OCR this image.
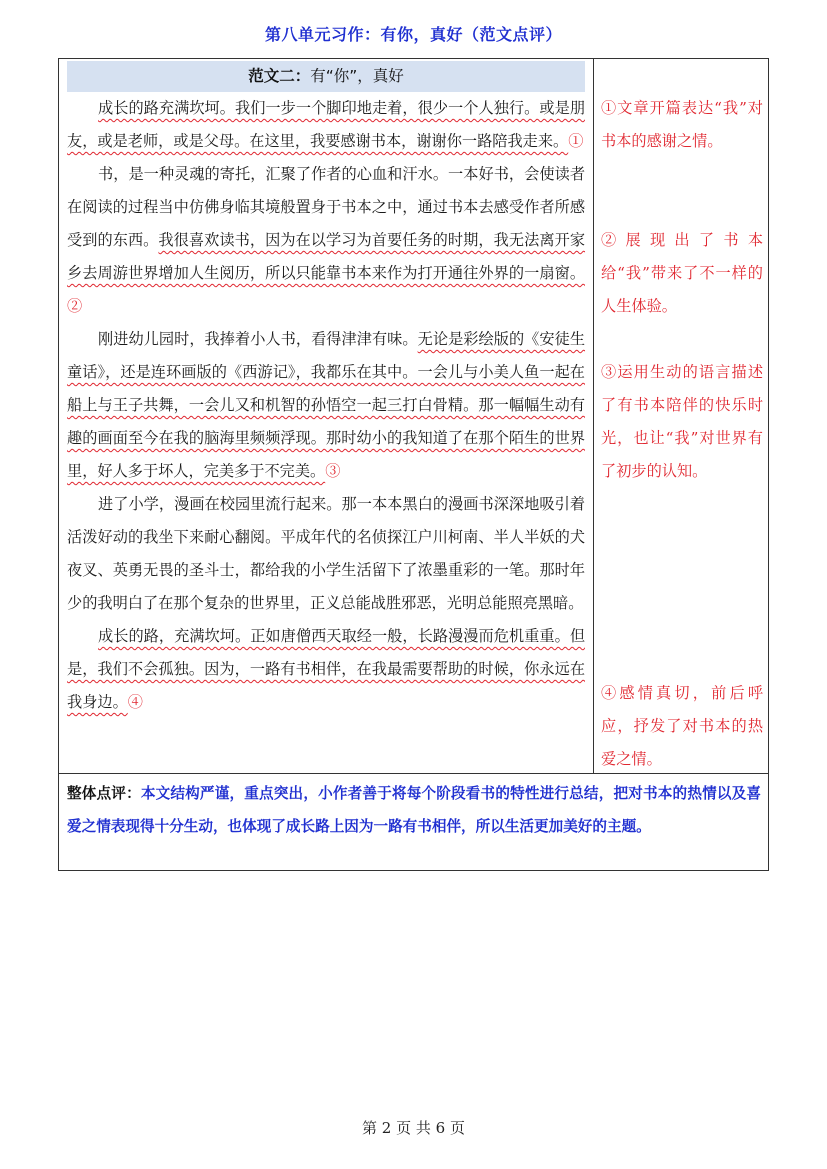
第八单元习作：有你，真好（范文点评）
范文二：有“你”，真好

成长的路充满坎坷。我们一步一个脚印地走着，很少一个人独行。或是朋友，或是老师，或是父母。在这里，我要感谢书本，谢谢你一路陪我走来。①

书，是一种灵魂的寄托，汇聚了作者的心血和汗水。一本好书，会使读者在阅读的过程当中仿佛身临其境般置身于书本之中，通过书本去感受作者所感受到的东西。我很喜欢读书，因为在以学习为首要任务的时期，我无法离开家乡去周游世界增加人生阅历，所以只能靠书本来作为打开通往外界的一扇窗。②

刚进幼儿园时，我捧着小人书，看得津津有味。无论是彩绘版的《安徒生童话》，还是连环画版的《西游记》，我都乐在其中。一会儿与小美人鱼一起在船上与王子共舞，一会儿又和机智的孙悟空一起三打白骨精。那一幅幅生动有趣的画面至今在我的脑海里频频浮现。那时幼小的我知道了在那个陌生的世界里，好人多于坏人，完美多于不完美。③

进了小学，漫画在校园里流行起来。那一本本黑白的漫画书深深地吸引着活泼好动的我坐下来耐心翻阅。平成年代的名侦探江户川柯南、半人半妖的犬夜叉、英勇无畏的圣斗士，都给我的小学生活留下了浓墨重彩的一笔。那时年少的我明白了在那个复杂的世界里，正义总能战胜邪恶，光明总能照亮黑暗。

成长的路，充满坎坷。正如唐僧西天取经一般，长路漫漫而危机重重。但是，我们不会孤独。因为，一路有书相伴，在我最需要帮助的时候，你永远在我身边。④

①文章开篇表达“我”对书本的感谢之情。

②展现出了书本给“我”带来了不一样的人生体验。

③运用生动的语言描述了有书本陪伴的快乐时光，也让“我”对世界有了初步的认知。

④感情真切，前后呼应，抒发了对书本的热爱之情。

整体点评：本文结构严谨，重点突出，小作者善于将每个阶段看书的特性进行总结，把对书本的热情以及喜爱之情表现得十分生动，也体现了成长路上因为一路有书相伴，所以生活更加美好的主题。

第 2 页 共 6 页
